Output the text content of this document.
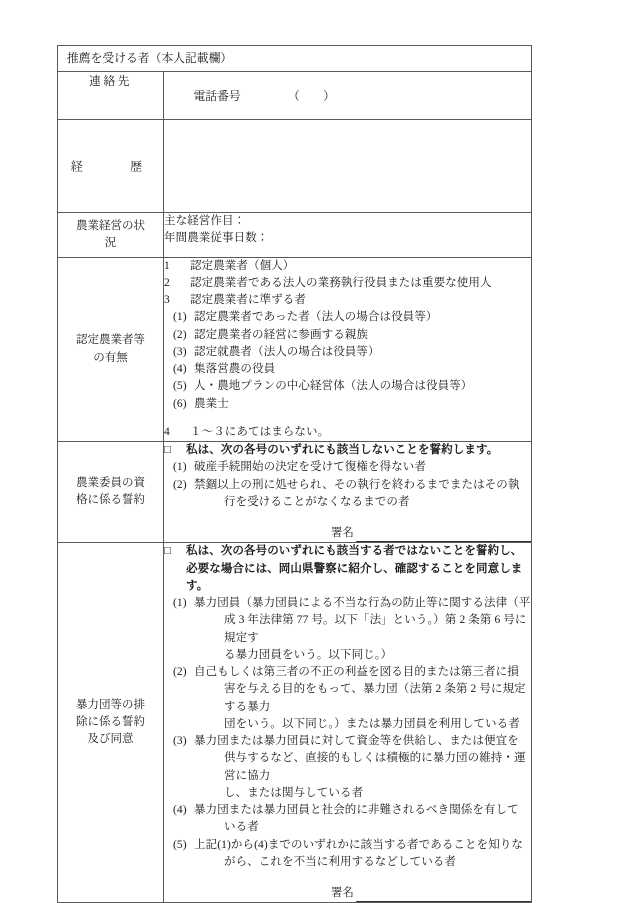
推薦を受ける者（本人記載欄）	
連絡先	電話番号                （        ）

経　　歴	

農業経営の状
況	主な経営作目：
年間農業従事日数：

認定農業者等
の有無

1 認定農業者（個人）
2 認定農業者である法人の業務執行役員または重要な使用人
3 認定農業者に準ずる者
(1) 認定農業者であった者（法人の場合は役員等）
(2) 認定農業者の経営に参画する親族
(3) 認定就農者（法人の場合は役員等）
(4) 集落営農の役員
(5) 人・農地プランの中心経営体（法人の場合は役員等）
(6) 農業士
4 １～３にあてはまらない。

農業委員の資
格に係る誓約	□ 私は、次の各号のいずれにも該当しないことを誓約します。
(1) 破産手続開始の決定を受けて復権を得ない者
(2) 禁錮以上の刑に処せられ、その執行を終わるまでまたはその執
行を受けることがなくなるまでの者
署名

暴力団等の排
除に係る誓約
及び同意

□ 私は、次の各号のいずれにも該当する者ではないことを誓約し、
必要な場合には、岡山県警察に紹介し、確認することを同意します。
(1) 暴力団員（暴力団員による不当な行為の防止等に関する法律（平
成 3 年法律第 77 号。以下「法」という。）第 2 条第 6 号に規定す
る暴力団員をいう。以下同じ。）
(2) 自己もしくは第三者の不正の利益を図る目的または第三者に損
害を与える目的をもって、暴力団（法第 2 条第 2 号に規定する暴力
団をいう。以下同じ。）または暴力団員を利用している者
(3) 暴力団または暴力団員に対して資金等を供給し、または便宜を
供与するなど、直接的もしくは積極的に暴力団の維持・運営に協力
し、または関与している者
(4) 暴力団または暴力団員と社会的に非難されるべき関係を有して
いる者
(5) 上記(1)から(4)までのいずれかに該当する者であることを知りな
がら、これを不当に利用するなどしている者
署名
